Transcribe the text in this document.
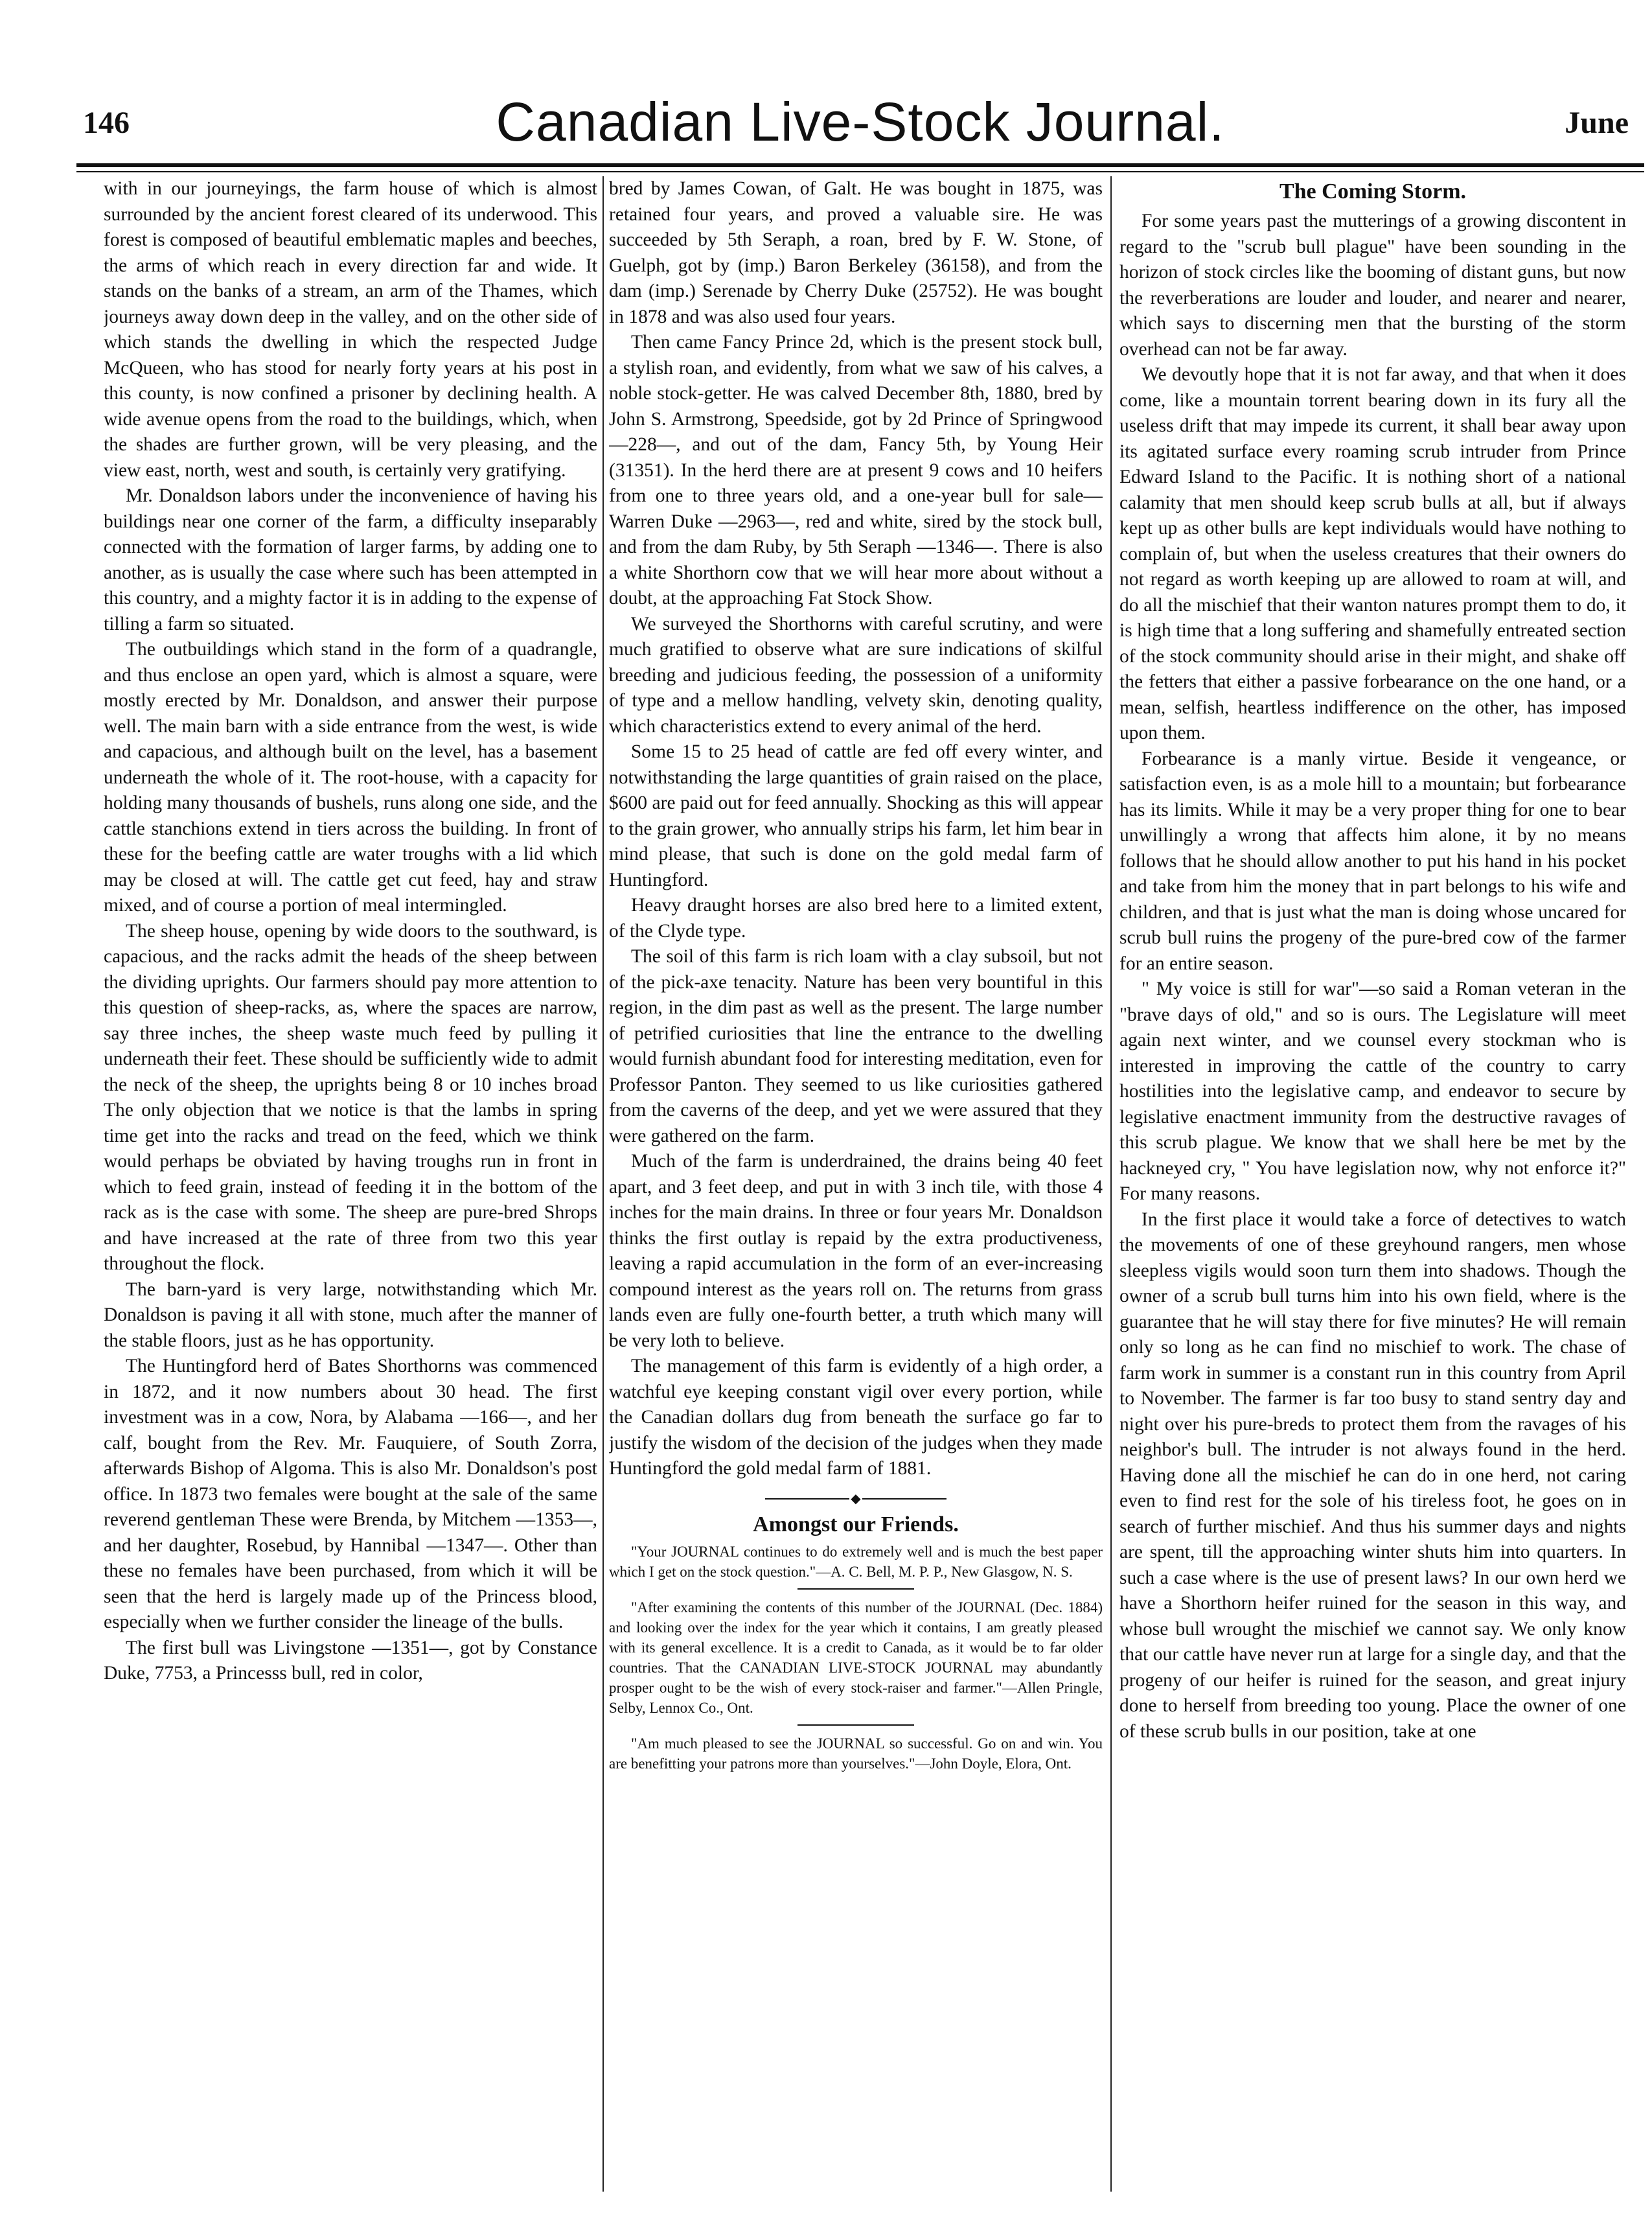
146	Canadian Live-Stock Journal.	June

with in our journeyings, the farm house of which is almost surrounded by the ancient forest cleared of its underwood. This forest is composed of beautiful emblematic maples and beeches, the arms of which reach in every direction far and wide. It stands on the banks of a stream, an arm of the Thames, which journeys away down deep in the valley, and on the other side of which stands the dwelling in which the respected Judge McQueen, who has stood for nearly forty years at his post in this county, is now confined a prisoner by declining health. A wide avenue opens from the road to the buildings, which, when the shades are further grown, will be very pleasing, and the view east, north, west and south, is certainly very gratifying.

Mr. Donaldson labors under the inconvenience of having his buildings near one corner of the farm, a difficulty inseparably connected with the formation of larger farms, by adding one to another, as is usually the case where such has been attempted in this country, and a mighty factor it is in adding to the expense of tilling a farm so situated.

The outbuildings which stand in the form of a quadrangle, and thus enclose an open yard, which is almost a square, were mostly erected by Mr. Donaldson, and answer their purpose well. The main barn with a side entrance from the west, is wide and capacious, and although built on the level, has a basement underneath the whole of it. The root-house, with a capacity for holding many thousands of bushels, runs along one side, and the cattle stanchions extend in tiers across the building. In front of these for the beefing cattle are water troughs with a lid which may be closed at will. The cattle get cut feed, hay and straw mixed, and of course a portion of meal intermingled.

The sheep house, opening by wide doors to the southward, is capacious, and the racks admit the heads of the sheep between the dividing uprights. Our farmers should pay more attention to this question of sheep-racks, as, where the spaces are narrow, say three inches, the sheep waste much feed by pulling it underneath their feet. These should be sufficiently wide to admit the neck of the sheep, the uprights being 8 or 10 inches broad The only objection that we notice is that the lambs in spring time get into the racks and tread on the feed, which we think would perhaps be obviated by having troughs run in front in which to feed grain, instead of feeding it in the bottom of the rack as is the case with some. The sheep are pure-bred Shrops and have increased at the rate of three from two this year throughout the flock.

The barn-yard is very large, notwithstanding which Mr. Donaldson is paving it all with stone, much after the manner of the stable floors, just as he has opportunity.

The Huntingford herd of Bates Shorthorns was commenced in 1872, and it now numbers about 30 head. The first investment was in a cow, Nora, by Alabama —166—, and her calf, bought from the Rev. Mr. Fauquiere, of South Zorra, afterwards Bishop of Algoma. This is also Mr. Donaldson's post office. In 1873 two females were bought at the sale of the same reverend gentleman These were Brenda, by Mitchem —1353—, and her daughter, Rosebud, by Hannibal —1347—. Other than these no females have been purchased, from which it will be seen that the herd is largely made up of the Princess blood, especially when we further consider the lineage of the bulls.

The first bull was Livingstone —1351—, got by Constance Duke, 7753, a Princesss bull, red in color,

bred by James Cowan, of Galt. He was bought in 1875, was retained four years, and proved a valuable sire. He was succeeded by 5th Seraph, a roan, bred by F. W. Stone, of Guelph, got by (imp.) Baron Berkeley (36158), and from the dam (imp.) Serenade by Cherry Duke (25752). He was bought in 1878 and was also used four years.

Then came Fancy Prince 2d, which is the present stock bull, a stylish roan, and evidently, from what we saw of his calves, a noble stock-getter. He was calved December 8th, 1880, bred by John S. Armstrong, Speedside, got by 2d Prince of Springwood —228—, and out of the dam, Fancy 5th, by Young Heir (31351). In the herd there are at present 9 cows and 10 heifers from one to three years old, and a one-year bull for sale—Warren Duke —2963—, red and white, sired by the stock bull, and from the dam Ruby, by 5th Seraph —1346—. There is also a white Shorthorn cow that we will hear more about without a doubt, at the approaching Fat Stock Show.

We surveyed the Shorthorns with careful scrutiny, and were much gratified to observe what are sure indications of skilful breeding and judicious feeding, the possession of a uniformity of type and a mellow handling, velvety skin, denoting quality, which characteristics extend to every animal of the herd.

Some 15 to 25 head of cattle are fed off every winter, and notwithstanding the large quantities of grain raised on the place, $600 are paid out for feed annually. Shocking as this will appear to the grain grower, who annually strips his farm, let him bear in mind please, that such is done on the gold medal farm of Huntingford.

Heavy draught horses are also bred here to a limited extent, of the Clyde type.

The soil of this farm is rich loam with a clay subsoil, but not of the pick-axe tenacity. Nature has been very bountiful in this region, in the dim past as well as the present. The large number of petrified curiosities that line the entrance to the dwelling would furnish abundant food for interesting meditation, even for Professor Panton. They seemed to us like curiosities gathered from the caverns of the deep, and yet we were assured that they were gathered on the farm.

Much of the farm is underdrained, the drains being 40 feet apart, and 3 feet deep, and put in with 3 inch tile, with those 4 inches for the main drains. In three or four years Mr. Donaldson thinks the first outlay is repaid by the extra productiveness, leaving a rapid accumulation in the form of an ever-increasing compound interest as the years roll on. The returns from grass lands even are fully one-fourth better, a truth which many will be very loth to believe.

The management of this farm is evidently of a high order, a watchful eye keeping constant vigil over every portion, while the Canadian dollars dug from beneath the surface go far to justify the wisdom of the decision of the judges when they made Huntingford the gold medal farm of 1881.

◆
Amongst our Friends.

"Your JOURNAL continues to do extremely well and is much the best paper which I get on the stock question."—A. C. Bell, M. P. P., New Glasgow, N. S.

"After examining the contents of this number of the JOURNAL (Dec. 1884) and looking over the index for the year which it contains, I am greatly pleased with its general excellence. It is a credit to Canada, as it would be to far older countries. That the CANADIAN LIVE-STOCK JOURNAL may abundantly prosper ought to be the wish of every stock-raiser and farmer."—Allen Pringle, Selby, Lennox Co., Ont.

"Am much pleased to see the JOURNAL so successful. Go on and win. You are benefitting your patrons more than yourselves."—John Doyle, Elora, Ont.

The Coming Storm.

For some years past the mutterings of a growing discontent in regard to the "scrub bull plague" have been sounding in the horizon of stock circles like the booming of distant guns, but now the reverberations are louder and louder, and nearer and nearer, which says to discerning men that the bursting of the storm overhead can not be far away.

We devoutly hope that it is not far away, and that when it does come, like a mountain torrent bearing down in its fury all the useless drift that may impede its current, it shall bear away upon its agitated surface every roaming scrub intruder from Prince Edward Island to the Pacific. It is nothing short of a national calamity that men should keep scrub bulls at all, but if always kept up as other bulls are kept individuals would have nothing to complain of, but when the useless creatures that their owners do not regard as worth keeping up are allowed to roam at will, and do all the mischief that their wanton natures prompt them to do, it is high time that a long suffering and shamefully entreated section of the stock community should arise in their might, and shake off the fetters that either a passive forbearance on the one hand, or a mean, selfish, heartless indifference on the other, has imposed upon them.

Forbearance is a manly virtue. Beside it vengeance, or satisfaction even, is as a mole hill to a mountain; but forbearance has its limits. While it may be a very proper thing for one to bear unwillingly a wrong that affects him alone, it by no means follows that he should allow another to put his hand in his pocket and take from him the money that in part belongs to his wife and children, and that is just what the man is doing whose uncared for scrub bull ruins the progeny of the pure-bred cow of the farmer for an entire season.

" My voice is still for war"—so said a Roman veteran in the "brave days of old," and so is ours. The Legislature will meet again next winter, and we counsel every stockman who is interested in improving the cattle of the country to carry hostilities into the legislative camp, and endeavor to secure by legislative enactment immunity from the destructive ravages of this scrub plague. We know that we shall here be met by the hackneyed cry, " You have legislation now, why not enforce it?" For many reasons.

In the first place it would take a force of detectives to watch the movements of one of these greyhound rangers, men whose sleepless vigils would soon turn them into shadows. Though the owner of a scrub bull turns him into his own field, where is the guarantee that he will stay there for five minutes? He will remain only so long as he can find no mischief to work. The chase of farm work in summer is a constant run in this country from April to November. The farmer is far too busy to stand sentry day and night over his pure-breds to protect them from the ravages of his neighbor's bull. The intruder is not always found in the herd. Having done all the mischief he can do in one herd, not caring even to find rest for the sole of his tireless foot, he goes on in search of further mischief. And thus his summer days and nights are spent, till the approaching winter shuts him into quarters. In such a case where is the use of present laws? In our own herd we have a Shorthorn heifer ruined for the season in this way, and whose bull wrought the mischief we cannot say. We only know that our cattle have never run at large for a single day, and that the progeny of our heifer is ruined for the season, and great injury done to herself from breeding too young. Place the owner of one of these scrub bulls in our position, take at one
